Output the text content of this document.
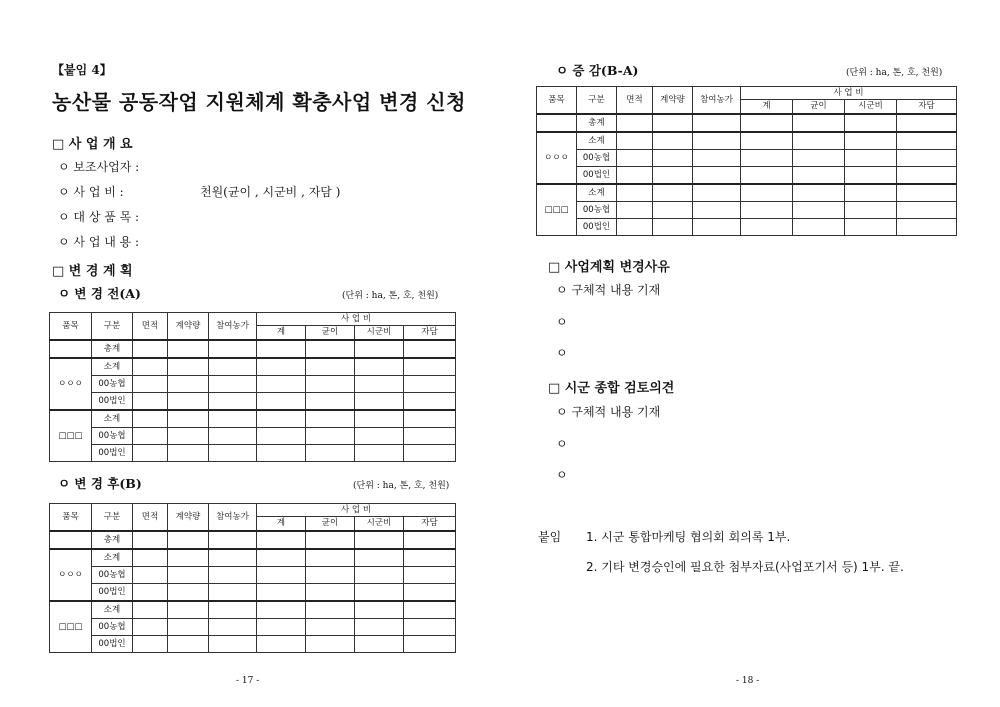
【붙임 4】
농산물 공동작업 지원체계 확충사업 변경 신청
□ 사 업 개 요
ㅇ 보조사업자 :
ㅇ 사 업 비 :	천원(균이 , 시군비 , 자담 )
ㅇ 대 상 품 목 :
ㅇ 사 업 내 용 :
□ 변 경 계 획
ㅇ 변 경 전(A)	(단위 : ha, 톤, 호, 천원)
품목	구분	면적	계약량	참여농가	사 업 비			
					계	균이	시군비	자담
	총계							
ㅇㅇㅇ	소계							
	00농협							
	00법인							
□□□	소계							
	00농협							
	00법인							
ㅇ 변 경 후(B)	(단위 : ha, 톤, 호, 천원)
품목	구분	면적	계약량	참여농가	사 업 비			
					계	균이	시군비	자담
	총계							
ㅇㅇㅇ	소계							
	00농협							
	00법인							
□□□	소계							
	00농협							
	00법인							
- 17 -
ㅇ 증 감(B-A)	(단위 : ha, 톤, 호, 천원)
품목	구분	면적	계약량	참여농가	사 업 비			
					계	균이	시군비	자담
	총계							
ㅇㅇㅇ	소계							
	00농협							
	00법인							
□□□	소계							
	00농협							
	00법인							
□ 사업계획 변경사유
ㅇ 구체적 내용 기재
ㅇ
ㅇ
□ 시군 종합 검토의견
ㅇ 구체적 내용 기재
ㅇ
ㅇ
붙임 1. 시군 통합마케팅 협의회 회의록 1부.
2. 기타 변경승인에 필요한 첨부자료(사업포기서 등) 1부. 끝.
- 18 -
